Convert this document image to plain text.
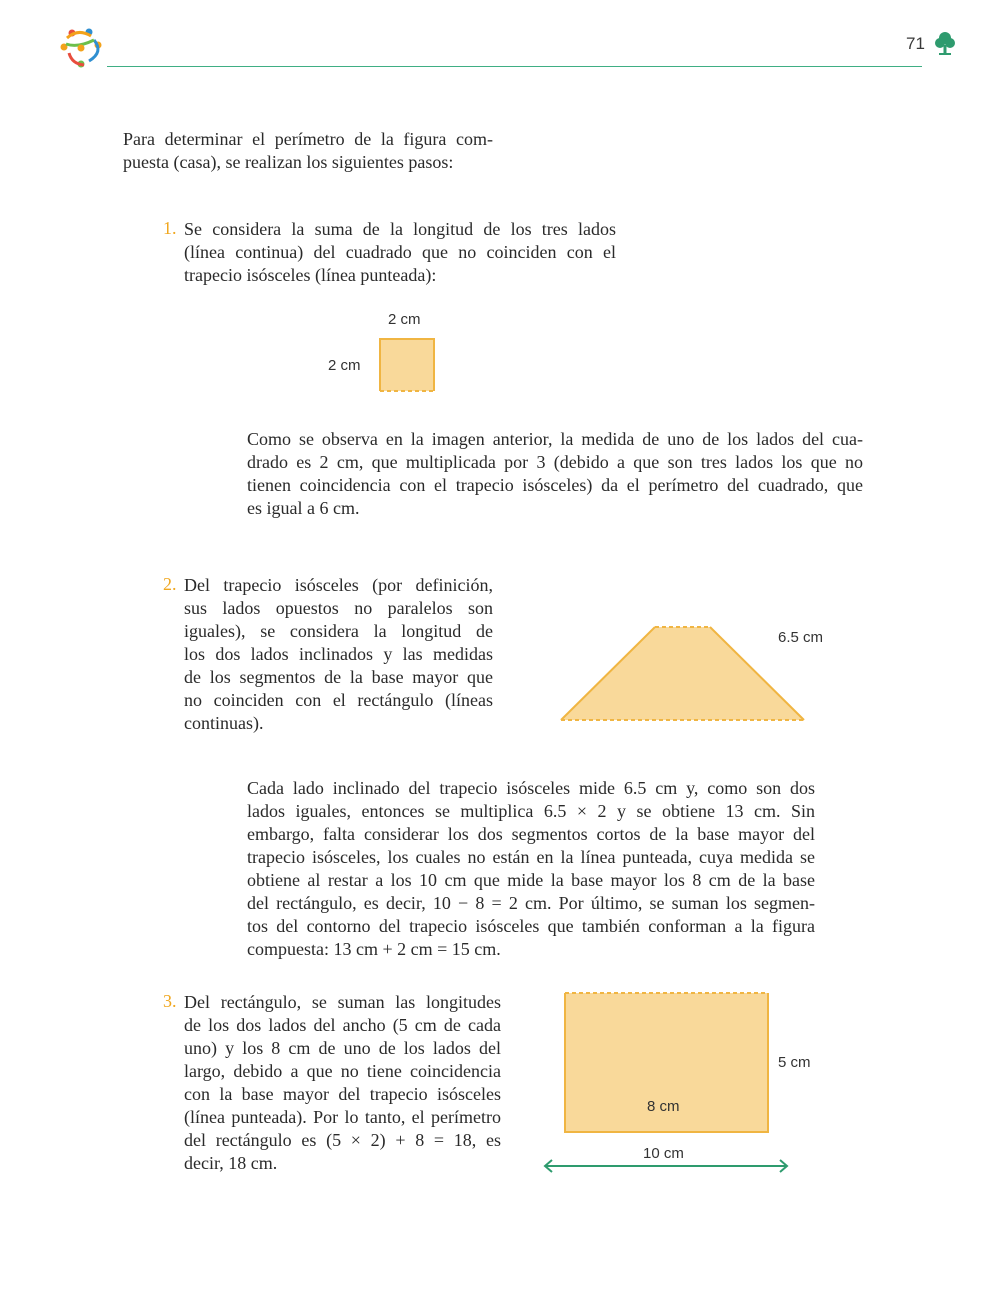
71
Para determinar el perímetro de la figura com-
puesta (casa), se realizan los siguientes pasos:
1. Se considera la suma de la longitud de los tres lados
(línea continua) del cuadrado que no coinciden con el
trapecio isósceles (línea punteada):
2 cm
2 cm
Como se observa en la imagen anterior, la medida de uno de los lados del cua-
drado es 2 cm, que multiplicada por 3 (debido a que son tres lados los que no
tienen coincidencia con el trapecio isósceles) da el perímetro del cuadrado, que
es igual a 6 cm.
2. Del trapecio isósceles (por definición,
sus lados opuestos no paralelos son
iguales), se considera la longitud de
los dos lados inclinados y las medidas
de los segmentos de la base mayor que
no coinciden con el rectángulo (líneas
continuas).
6.5 cm
Cada lado inclinado del trapecio isósceles mide 6.5 cm y, como son dos
lados iguales, entonces se multiplica 6.5 × 2 y se obtiene 13 cm. Sin
embargo, falta considerar los dos segmentos cortos de la base mayor del
trapecio isósceles, los cuales no están en la línea punteada, cuya medida se
obtiene al restar a los 10 cm que mide la base mayor los 8 cm de la base
del rectángulo, es decir, 10 − 8 = 2 cm. Por último, se suman los segmen-
tos del contorno del trapecio isósceles que también conforman a la figura
compuesta: 13 cm + 2 cm = 15 cm.
3. Del rectángulo, se suman las longitudes
de los dos lados del ancho (5 cm de cada
uno) y los 8 cm de uno de los lados del
largo, debido a que no tiene coincidencia
con la base mayor del trapecio isósceles
(línea punteada). Por lo tanto, el perímetro
del rectángulo es (5 × 2) + 8 = 18, es
decir, 18 cm.
8 cm
5 cm
10 cm
